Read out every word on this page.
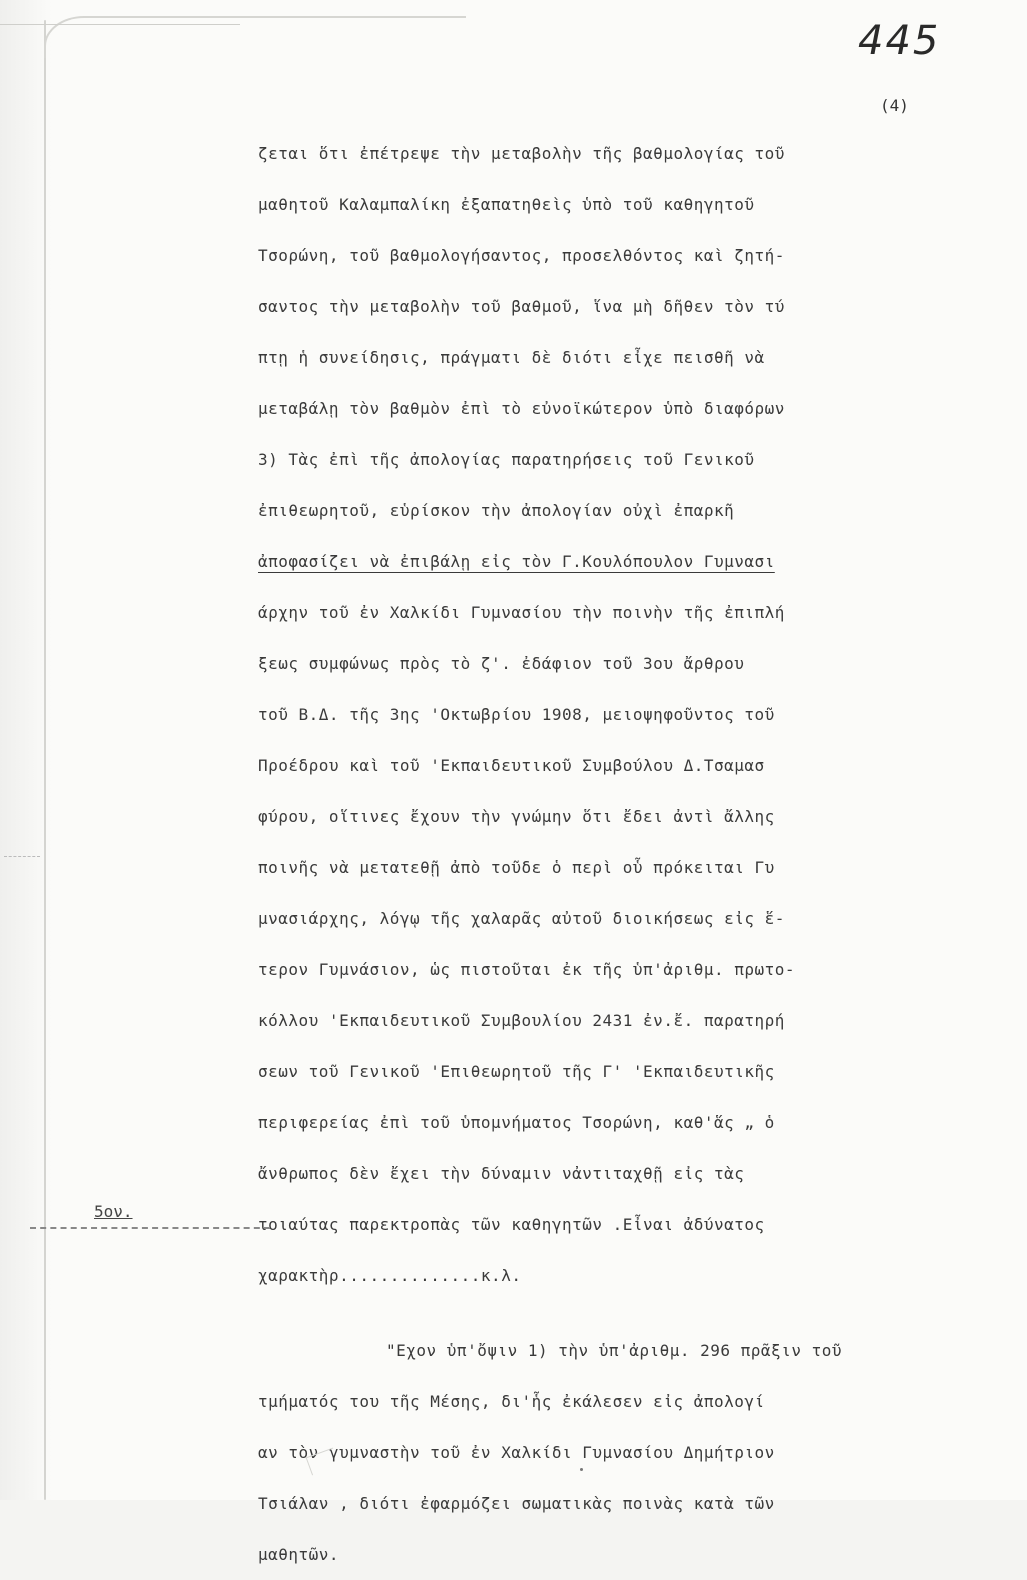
445
(4)
ζεται ὅτι ἐπέτρεψε τὴν μεταβολὴν τῆς βαθμολογίας τοῦ
μαθητοῦ Καλαμπαλίκη ἐξαπατηθεὶς ὑπὸ τοῦ καθηγητοῦ
Τσορώνη, τοῦ βαθμολογήσαντος, προσελθόντος καὶ ζητή-
σαντος τὴν μεταβολὴν τοῦ βαθμοῦ, ἵνα μὴ δῆθεν τὸν τύ
πτῃ ἡ συνείδησις, πράγματι δὲ διότι εἶχε πεισθῆ νὰ
μεταβάλῃ τὸν βαθμὸν ἐπὶ τὸ εὐνοϊκώτερον ὑπὸ διαφόρων
3) Τὰς ἐπὶ τῆς ἀπολογίας παρατηρήσεις τοῦ Γενικοῦ
ἐπιθεωρητοῦ, εὑρίσκον τὴν ἀπολογίαν οὐχὶ ἐπαρκῆ
ἀποφασίζει νὰ ἐπιβάλῃ εἰς τὸν Γ.Κουλόπουλον Γυμνασι
άρχην τοῦ ἐν Χαλκίδι Γυμνασίου τὴν ποινὴν τῆς ἐπιπλή
ξεως συμφώνως πρὸς τὸ ζ'. ἐδάφιον τοῦ 3ου ἄρθρου
τοῦ Β.Δ. τῆς 3ης 'Οκτωβρίου 1908, μειοψηφοῦντος τοῦ
Προέδρου καὶ τοῦ 'Εκπαιδευτικοῦ Συμβούλου Δ.Τσαμασ
φύρου, οἵτινες ἔχουν τὴν γνώμην ὅτι ἔδει ἀντὶ ἄλλης
ποινῆς νὰ μετατεθῇ ἀπὸ τοῦδε ὁ περὶ οὗ πρόκειται Γυ
μνασιάρχης, λόγῳ τῆς χαλαρᾶς αὐτοῦ διοικήσεως εἰς ἕ-
τερον Γυμνάσιον, ὡς πιστοῦται ἐκ τῆς ὑπ'ἀριθμ. πρωτο-
κόλλου 'Εκπαιδευτικοῦ Συμβουλίου 2431 ἐν.ἔ. παρατηρή
σεων τοῦ Γενικοῦ 'Επιθεωρητοῦ τῆς Γ' 'Εκπαιδευτικῆς
περιφερείας ἐπὶ τοῦ ὑπομνήματος Τσορώνη, καθ'ἅς „ ὁ
ἄνθρωπος δὲν ἔχει τὴν δύναμιν νἀντιταχθῇ εἰς τὰς
τοιαύτας παρεκτροπὰς τῶν καθηγητῶν .Εἶναι ἀδύνατος
χαρακτὴρ..............κ.λ.
"Εχον ὑπ'ὄψιν 1) τὴν ὑπ'ἀριθμ. 296 πρᾶξιν τοῦ
τμήματός του τῆς Μέσης, δι'ἧς ἐκάλεσεν εἰς ἀπολογί
αν τὸν γυμναστὴν τοῦ ἐν Χαλκίδι Γυμνασίου Δημήτριον
Τσιάλαν , διότι ἐφαρμόζει σωματικὰς ποινὰς κατὰ τῶν
μαθητῶν.
5ον.
